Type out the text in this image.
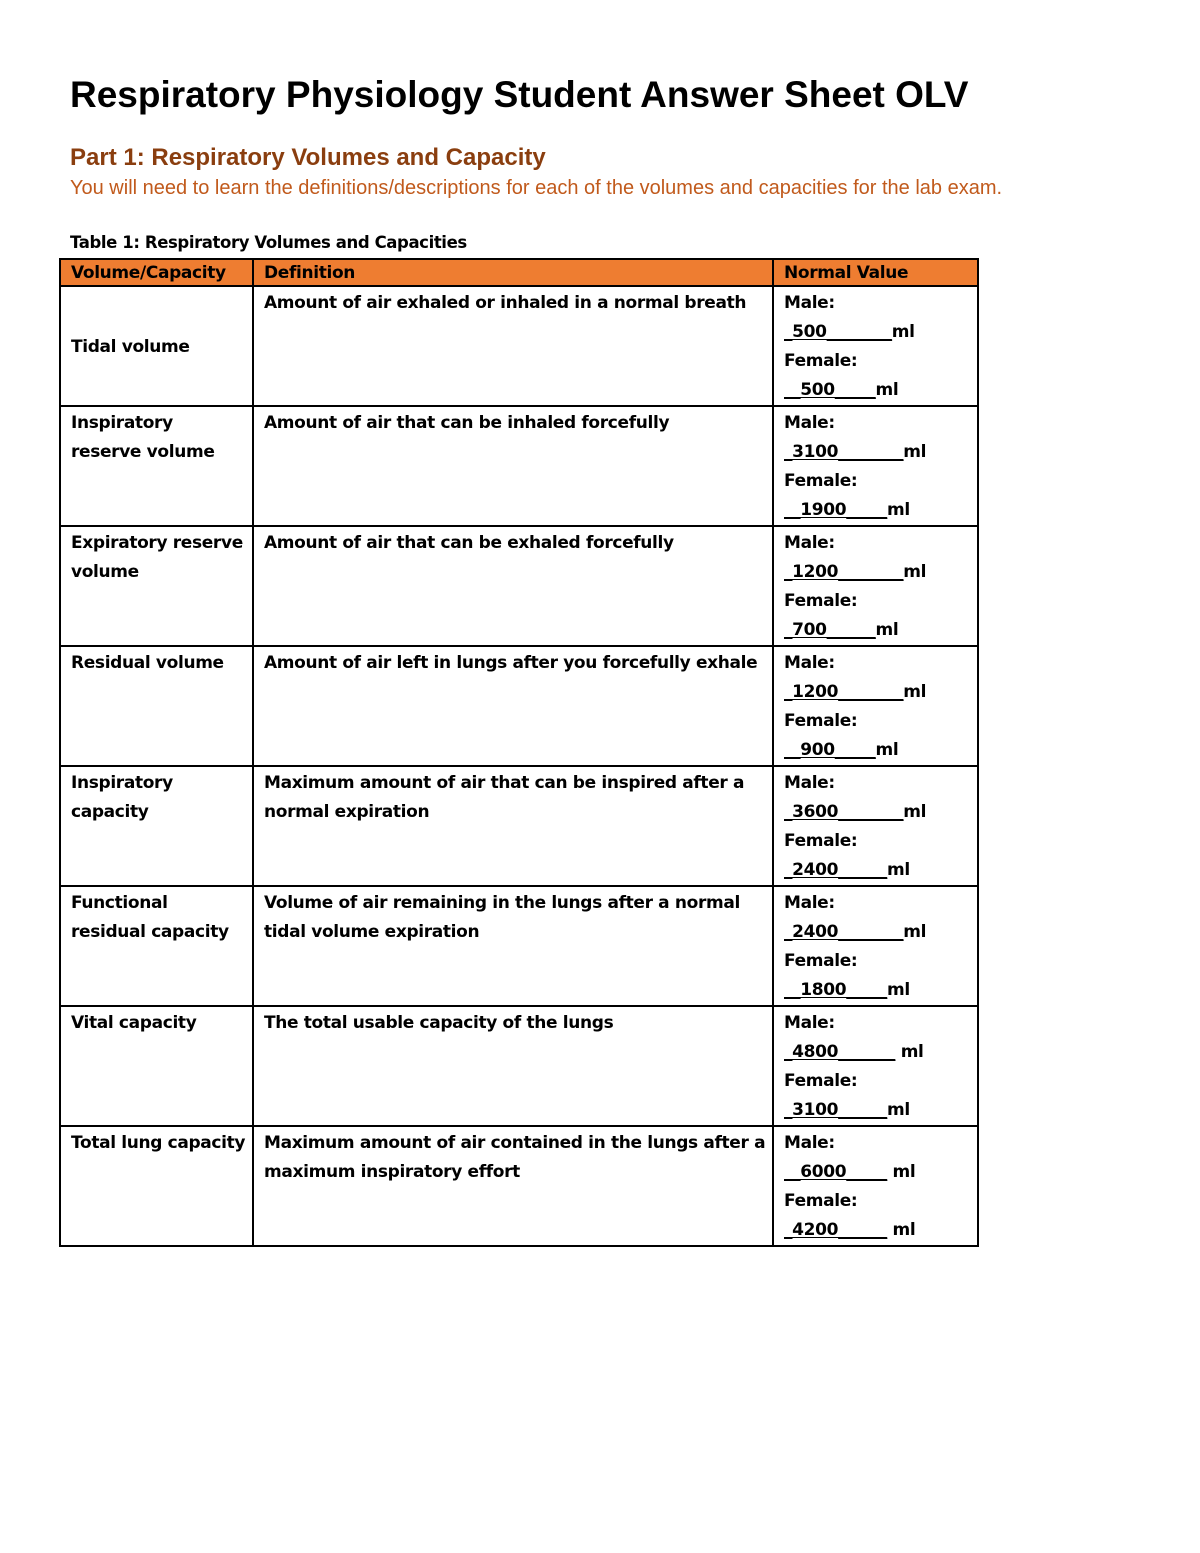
Respiratory Physiology Student Answer Sheet OLV
Part 1: Respiratory Volumes and Capacity

You will need to learn the definitions/descriptions for each of the volumes and capacities for the lab exam.

Table 1: Respiratory Volumes and Capacities

Volume/Capacity	Definition	Normal Value
Tidal volume	Amount of air exhaled or inhaled in a normal breath	Male:
_500________ml
Female:
__500_____ml

Inspiratory reserve volume	Amount of air that can be inhaled forcefully	Male:
_3100________ml
Female:
__1900_____ml

Expiratory reserve volume	Amount of air that can be exhaled forcefully	Male:
_1200________ml
Female:
_700______ml

Residual volume	Amount of air left in lungs after you forcefully exhale	Male:
_1200________ml
Female:
__900_____ml

Inspiratory capacity	Maximum amount of air that can be inspired after a normal expiration	Male:
_3600________ml
Female:
_2400______ml

Functional residual capacity	Volume of air remaining in the lungs after a normal tidal volume expiration	Male:
_2400________ml
Female:
__1800_____ml

Vital capacity	The total usable capacity of the lungs	Male:
_4800_______ ml
Female:
_3100______ml

Total lung capacity	Maximum amount of air contained in the lungs after a maximum inspiratory effort	Male:
__6000_____ ml
Female:
_4200______ ml
